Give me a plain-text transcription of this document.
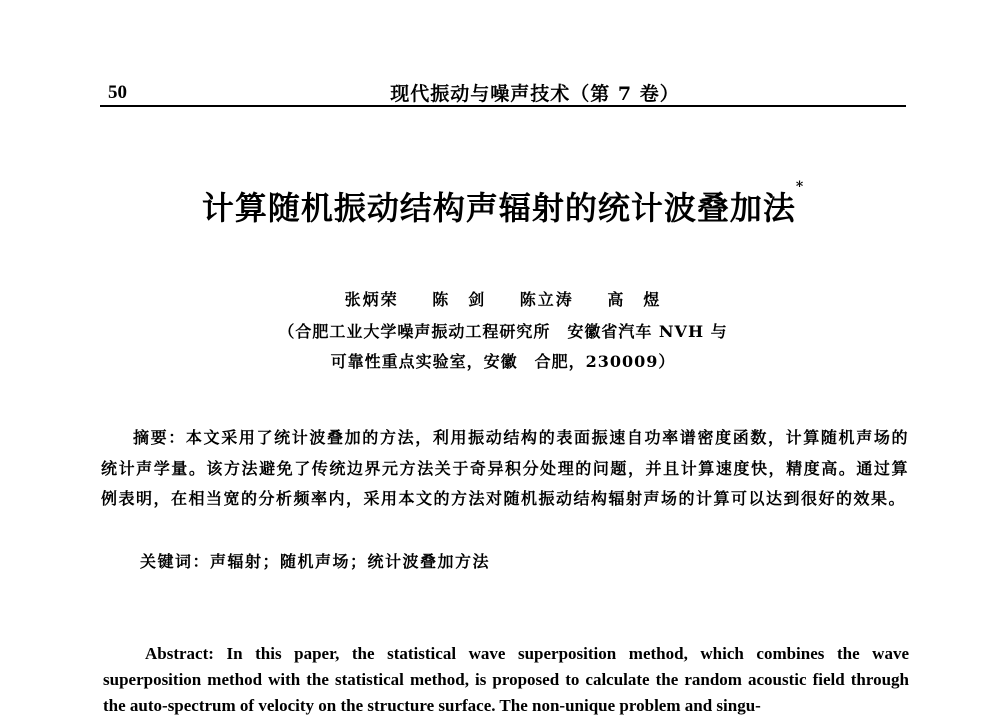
50	现代振动与噪声技术（第 7 卷）
计算随机振动结构声辐射的统计波叠加法*
张炳荣 陈　剑 陈立涛 高　煜
（合肥工业大学噪声振动工程研究所　安徽省汽车 NVH 与
可靠性重点实验室，安徽　合肥，230009）

摘要：本文采用了统计波叠加的方法，利用振动结构的表面振速自功率谱密度函数，计算随机声场的统计声学量。该方法避免了传统边界元方法关于奇异积分处理的问题，并且计算速度快，精度高。通过算例表明，在相当宽的分析频率内，采用本文的方法对随机振动结构辐射声场的计算可以达到很好的效果。

关键词：声辐射；随机声场；统计波叠加方法

Abstract: In this paper, the statistical wave superposition method, which combines the wave superposition method with the statistical method, is proposed to calculate the random acoustic field through the auto-spectrum of velocity on the structure surface. The non-unique problem and singu-
